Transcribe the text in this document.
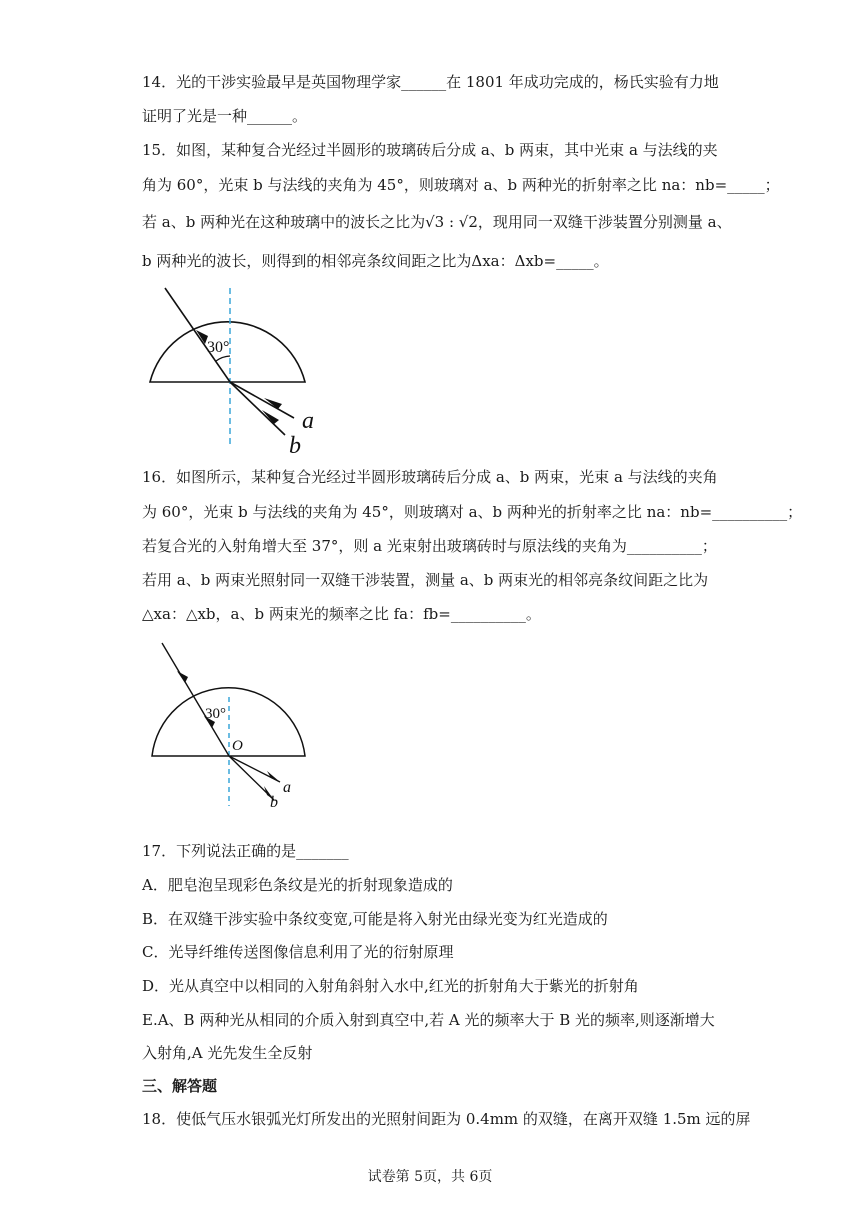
14．光的干涉实验最早是英国物理学家______在 1801 年成功完成的，杨氏实验有力地
证明了光是一种______。
15．如图，某种复合光经过半圆形的玻璃砖后分成 a、b 两束，其中光束 a 与法线的夹
角为 60°，光束 b 与法线的夹角为 45°，则玻璃对 a、b 两种光的折射率之比 na：nb=_____；
若 a、b 两种光在这种玻璃中的波长之比为√3 : √2，现用同一双缝干涉装置分别测量 a、
b 两种光的波长，则得到的相邻亮条纹间距之比为Δxa：Δxb=_____。
30°
a
b
16．如图所示，某种复合光经过半圆形玻璃砖后分成 a、b 两束，光束 a 与法线的夹角
为 60°，光束 b 与法线的夹角为 45°，则玻璃对 a、b 两种光的折射率之比 na：nb=__________；
若复合光的入射角增大至 37°，则 a 光束射出玻璃砖时与原法线的夹角为__________；
若用 a、b 两束光照射同一双缝干涉装置，测量 a、b 两束光的相邻亮条纹间距之比为
△xa：△xb，a、b 两束光的频率之比 fa：fb=__________。
30°
O
a
b
17．下列说法正确的是_______
A．肥皂泡呈现彩色条纹是光的折射现象造成的
B．在双缝干涉实验中条纹变宽,可能是将入射光由绿光变为红光造成的
C．光导纤维传送图像信息利用了光的衍射原理
D．光从真空中以相同的入射角斜射入水中,红光的折射角大于紫光的折射角
E.A、B 两种光从相同的介质入射到真空中,若 A 光的频率大于 B 光的频率,则逐渐增大
入射角,A 光先发生全反射
三、解答题
18．使低气压水银弧光灯所发出的光照射间距为 0.4mm 的双缝，在离开双缝 1.5m 远的屏
试卷第 5页，共 6页
